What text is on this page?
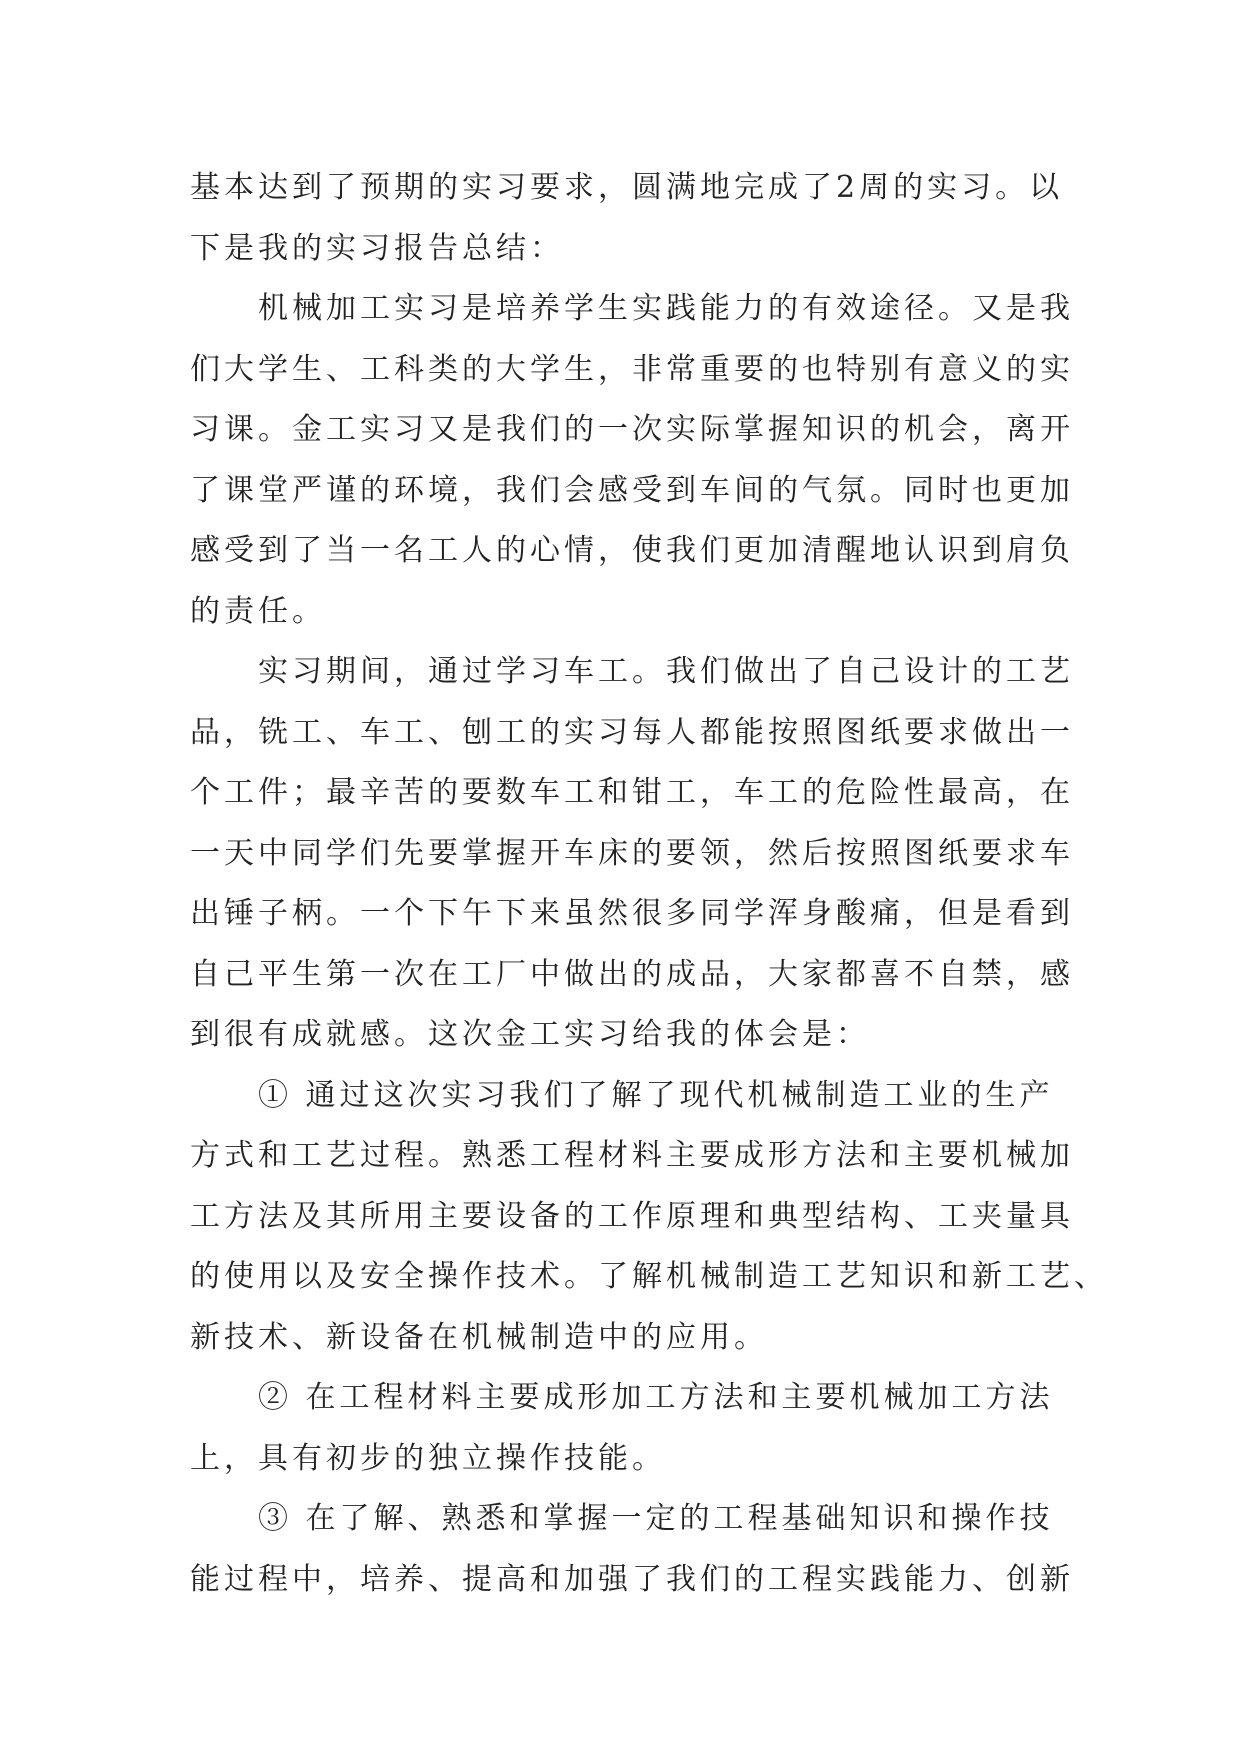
基本达到了预期的实习要求，圆满地完成了2周的实习。以
下是我的实习报告总结：
机械加工实习是培养学生实践能力的有效途径。又是我
们大学生、工科类的大学生，非常重要的也特别有意义的实
习课。金工实习又是我们的一次实际掌握知识的机会，离开
了课堂严谨的环境，我们会感受到车间的气氛。同时也更加
感受到了当一名工人的心情，使我们更加清醒地认识到肩负
的责任。
实习期间，通过学习车工。我们做出了自己设计的工艺
品，铣工、车工、刨工的实习每人都能按照图纸要求做出一
个工件；最辛苦的要数车工和钳工，车工的危险性最高，在
一天中同学们先要掌握开车床的要领，然后按照图纸要求车
出锤子柄。一个下午下来虽然很多同学浑身酸痛，但是看到
自己平生第一次在工厂中做出的成品，大家都喜不自禁，感
到很有成就感。这次金工实习给我的体会是：
① 通过这次实习我们了解了现代机械制造工业的生产
方式和工艺过程。熟悉工程材料主要成形方法和主要机械加
工方法及其所用主要设备的工作原理和典型结构、工夹量具
的使用以及安全操作技术。了解机械制造工艺知识和新工艺、
新技术、新设备在机械制造中的应用。
② 在工程材料主要成形加工方法和主要机械加工方法
上，具有初步的独立操作技能。
③ 在了解、熟悉和掌握一定的工程基础知识和操作技
能过程中，培养、提高和加强了我们的工程实践能力、创新
